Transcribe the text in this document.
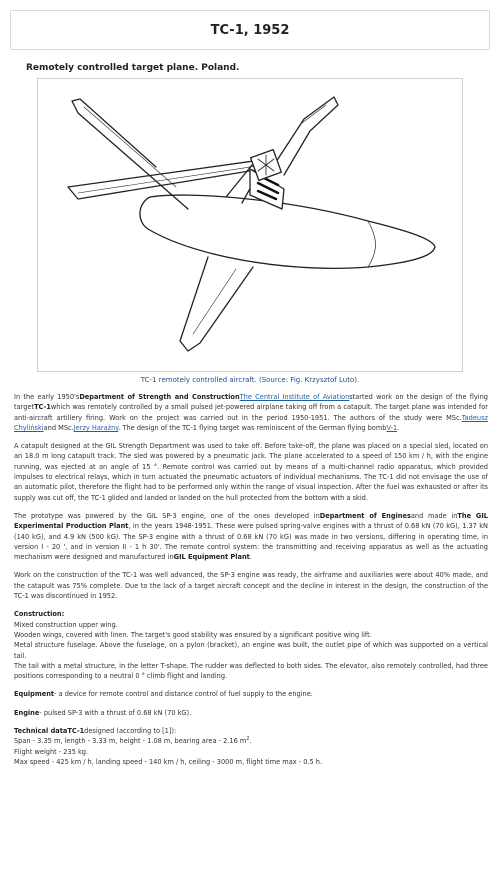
TC-1, 1952
Remotely controlled target plane. Poland.
TC-1 remotely controlled aircraft. (Source: Fig. Krzysztof Luto).

In the early 1950'sDepartment of Strength and ConstructionThe Central Institute of Aviationstarted work on the design of the flying targetTC-1which was remotely controlled by a small pulsed jet-powered airplane taking off from a catapult. The target plane was intended for anti-aircraft artillery firing. Work on the project was carried out in the period 1950-1951. The authors of the study were MSc.Tadeusz Chylińskiand MSc.Jerzy Harażny. The design of the TC-1 flying target was reminiscent of the German flying bombV-1.

A catapult designed at the GIL Strength Department was used to take off. Before take-off, the plane was placed on a special sled, located on an 18.0 m long catapult track. The sled was powered by a pneumatic jack. The plane accelerated to a speed of 150 km / h, with the engine running, was ejected at an angle of 15 °. Remote control was carried out by means of a multi-channel radio apparatus, which provided impulses to electrical relays, which in turn actuated the pneumatic actuators of individual mechanisms. The TC-1 did not envisage the use of an automatic pilot, therefore the flight had to be performed only within the range of visual inspection. After the fuel was exhausted or after its supply was cut off, the TC-1 glided and landed or landed on the hull protected from the bottom with a skid.

The prototype was powered by the GIL SP-3 engine, one of the ones developed inDepartment of Enginesand made inThe GIL Experimental Production Plant, in the years 1948-1951. These were pulsed spring-valve engines with a thrust of 0.68 kN (70 kG), 1.37 kN (140 kG), and 4.9 kN (500 kG). The SP-3 engine with a thrust of 0.68 kN (70 kG) was made in two versions, differing in operating time, in version I - 20 ', and in version II - 1 h 30'. The remote control system: the transmitting and receiving apparatus as well as the actuating mechanism were designed and manufactured inGIL Equipment Plant.

Work on the construction of the TC-1 was well advanced, the SP-3 engine was ready, the airframe and auxiliaries were about 40% made, and the catapult was 75% complete. Due to the lack of a target aircraft concept and the decline in interest in the design, the construction of the TC-1 was discontinued in 1952.

Construction:
Mixed construction upper wing.
Wooden wings, covered with linen. The target's good stability was ensured by a significant positive wing lift.
Metal structure fuselage. Above the fuselage, on a pylon (bracket), an engine was built, the outlet pipe of which was supported on a vertical tail.
The tail with a metal structure, in the letter T-shape. The rudder was deflected to both sides. The elevator, also remotely controlled, had three positions corresponding to a neutral 0 ° climb flight and landing.

Equipment- a device for remote control and distance control of fuel supply to the engine.

Engine- pulsed SP-3 with a thrust of 0.68 kN (70 kG).

Technical dataTC-1designed (according to [1]):
Span - 3.35 m, length - 3.33 m, height - 1.08 m, bearing area - 2.16 $m^2$.
Flight weight - 235 kg.
Max speed - 425 km / h, landing speed - 140 km / h, ceiling - 3000 m, flight time max - 0.5 h.
